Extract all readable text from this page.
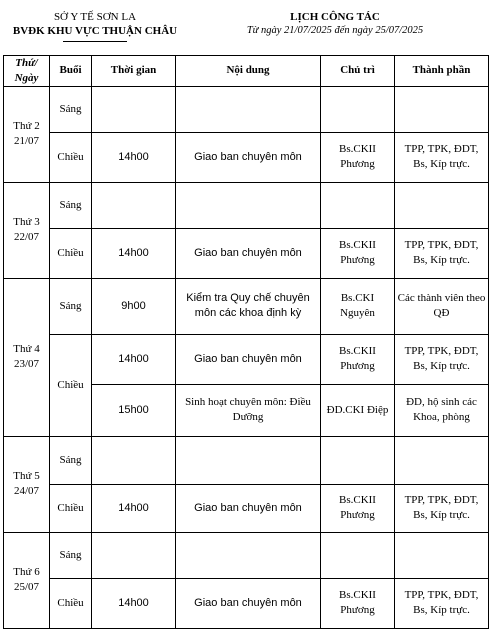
SỞ Y TẾ SƠN LA
BVĐK KHU VỰC THUẬN CHÂU
LỊCH CÔNG TÁC
Từ ngày 21/07/2025 đến ngày 25/07/2025
Thứ/ Ngày	Buổi	Thời gian	Nội dung	Chủ trì	Thành phần
Thứ 2 21/07	Sáng				
	Chiều	14h00	Giao ban chuyên môn	Bs.CKII Phương	TPP, TPK, ĐDT, Bs, Kíp trực.
Thứ 3 22/07	Sáng				
	Chiều	14h00	Giao ban chuyên môn	Bs.CKII Phương	TPP, TPK, ĐDT, Bs, Kíp trực.
Thứ 4 23/07	Sáng	9h00	Kiểm tra Quy chế chuyên môn các khoa định kỳ	Bs.CKI Nguyên	Các thành viên theo QĐ
	Chiều	14h00	Giao ban chuyên môn	Bs.CKII Phương	TPP, TPK, ĐDT, Bs, Kíp trực.
		15h00	Sinh hoạt chuyên môn: Điều Dưỡng	ĐD.CKI Điệp	ĐD, hộ sinh các Khoa, phòng
Thứ 5 24/07	Sáng				
	Chiều	14h00	Giao ban chuyên môn	Bs.CKII Phương	TPP, TPK, ĐDT, Bs, Kíp trực.
Thứ 6 25/07	Sáng				
	Chiều	14h00	Giao ban chuyên môn	Bs.CKII Phương	TPP, TPK, ĐDT, Bs, Kíp trực.
